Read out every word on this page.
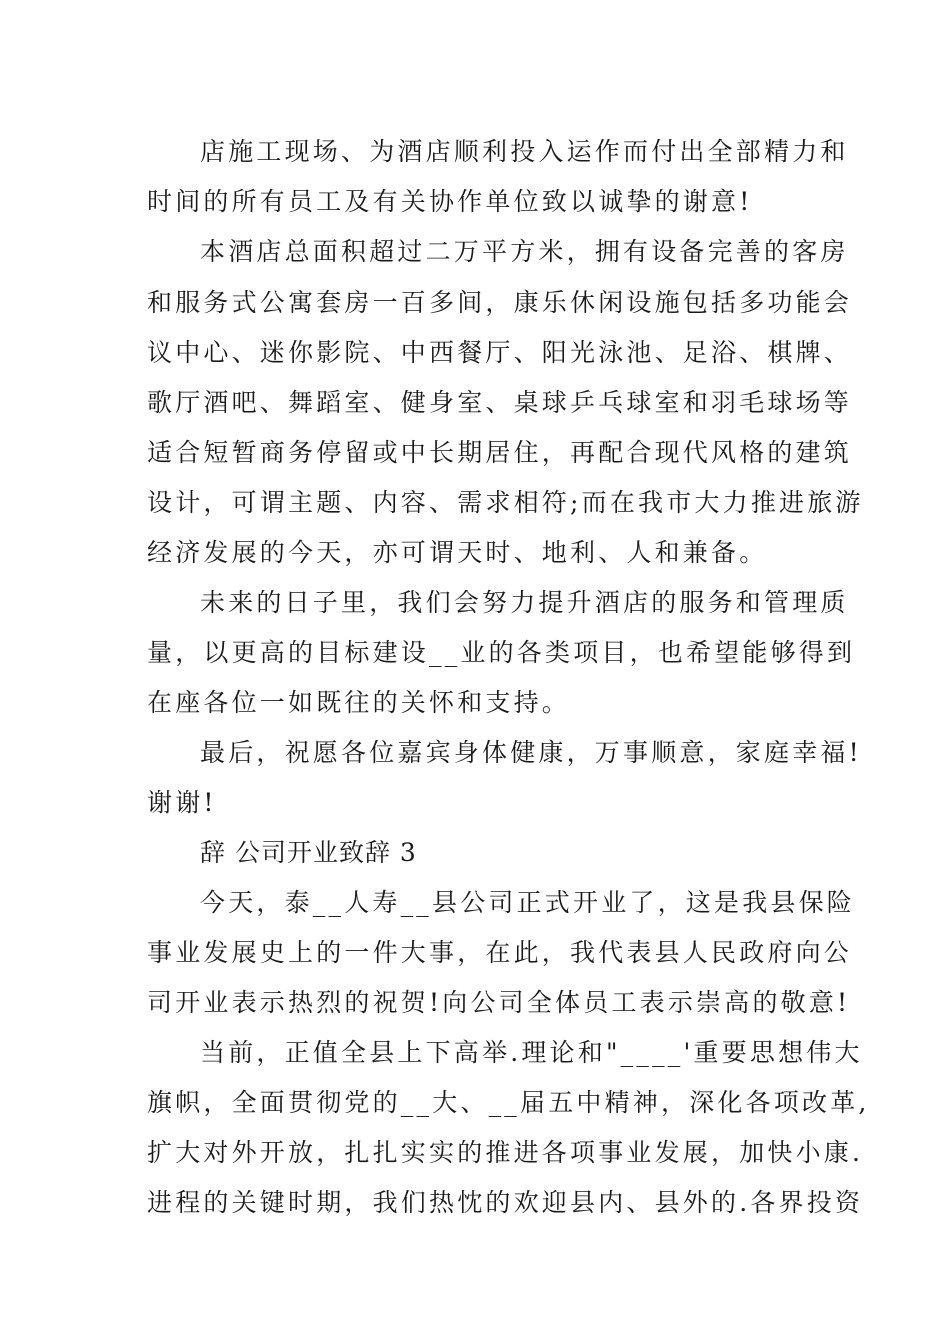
店施工现场、为酒店顺利投入运作而付出全部精力和
时间的所有员工及有关协作单位致以诚挚的谢意!
本酒店总面积超过二万平方米，拥有设备完善的客房
和服务式公寓套房一百多间，康乐休闲设施包括多功能会
议中心、迷你影院、中西餐厅、阳光泳池、足浴、棋牌、
歌厅酒吧、舞蹈室、健身室、桌球乒乓球室和羽毛球场等
适合短暂商务停留或中长期居住，再配合现代风格的建筑
设计，可谓主题、内容、需求相符;而在我市大力推进旅游
经济发展的今天，亦可谓天时、地利、人和兼备。
未来的日子里，我们会努力提升酒店的服务和管理质
量，以更高的目标建设__业的各类项目，也希望能够得到
在座各位一如既往的关怀和支持。
最后，祝愿各位嘉宾身体健康，万事顺意，家庭幸福!
谢谢!
辞 公司开业致辞 3
今天，泰__人寿__县公司正式开业了，这是我县保险
事业发展史上的一件大事，在此，我代表县人民政府向公
司开业表示热烈的祝贺!向公司全体员工表示崇高的敬意!
当前，正值全县上下高举.理论和"____'重要思想伟大
旗帜，全面贯彻党的__大、__届五中精神，深化各项改革,
扩大对外开放，扎扎实实的推进各项事业发展，加快小康.
进程的关键时期，我们热忱的欢迎县内、县外的.各界投资
